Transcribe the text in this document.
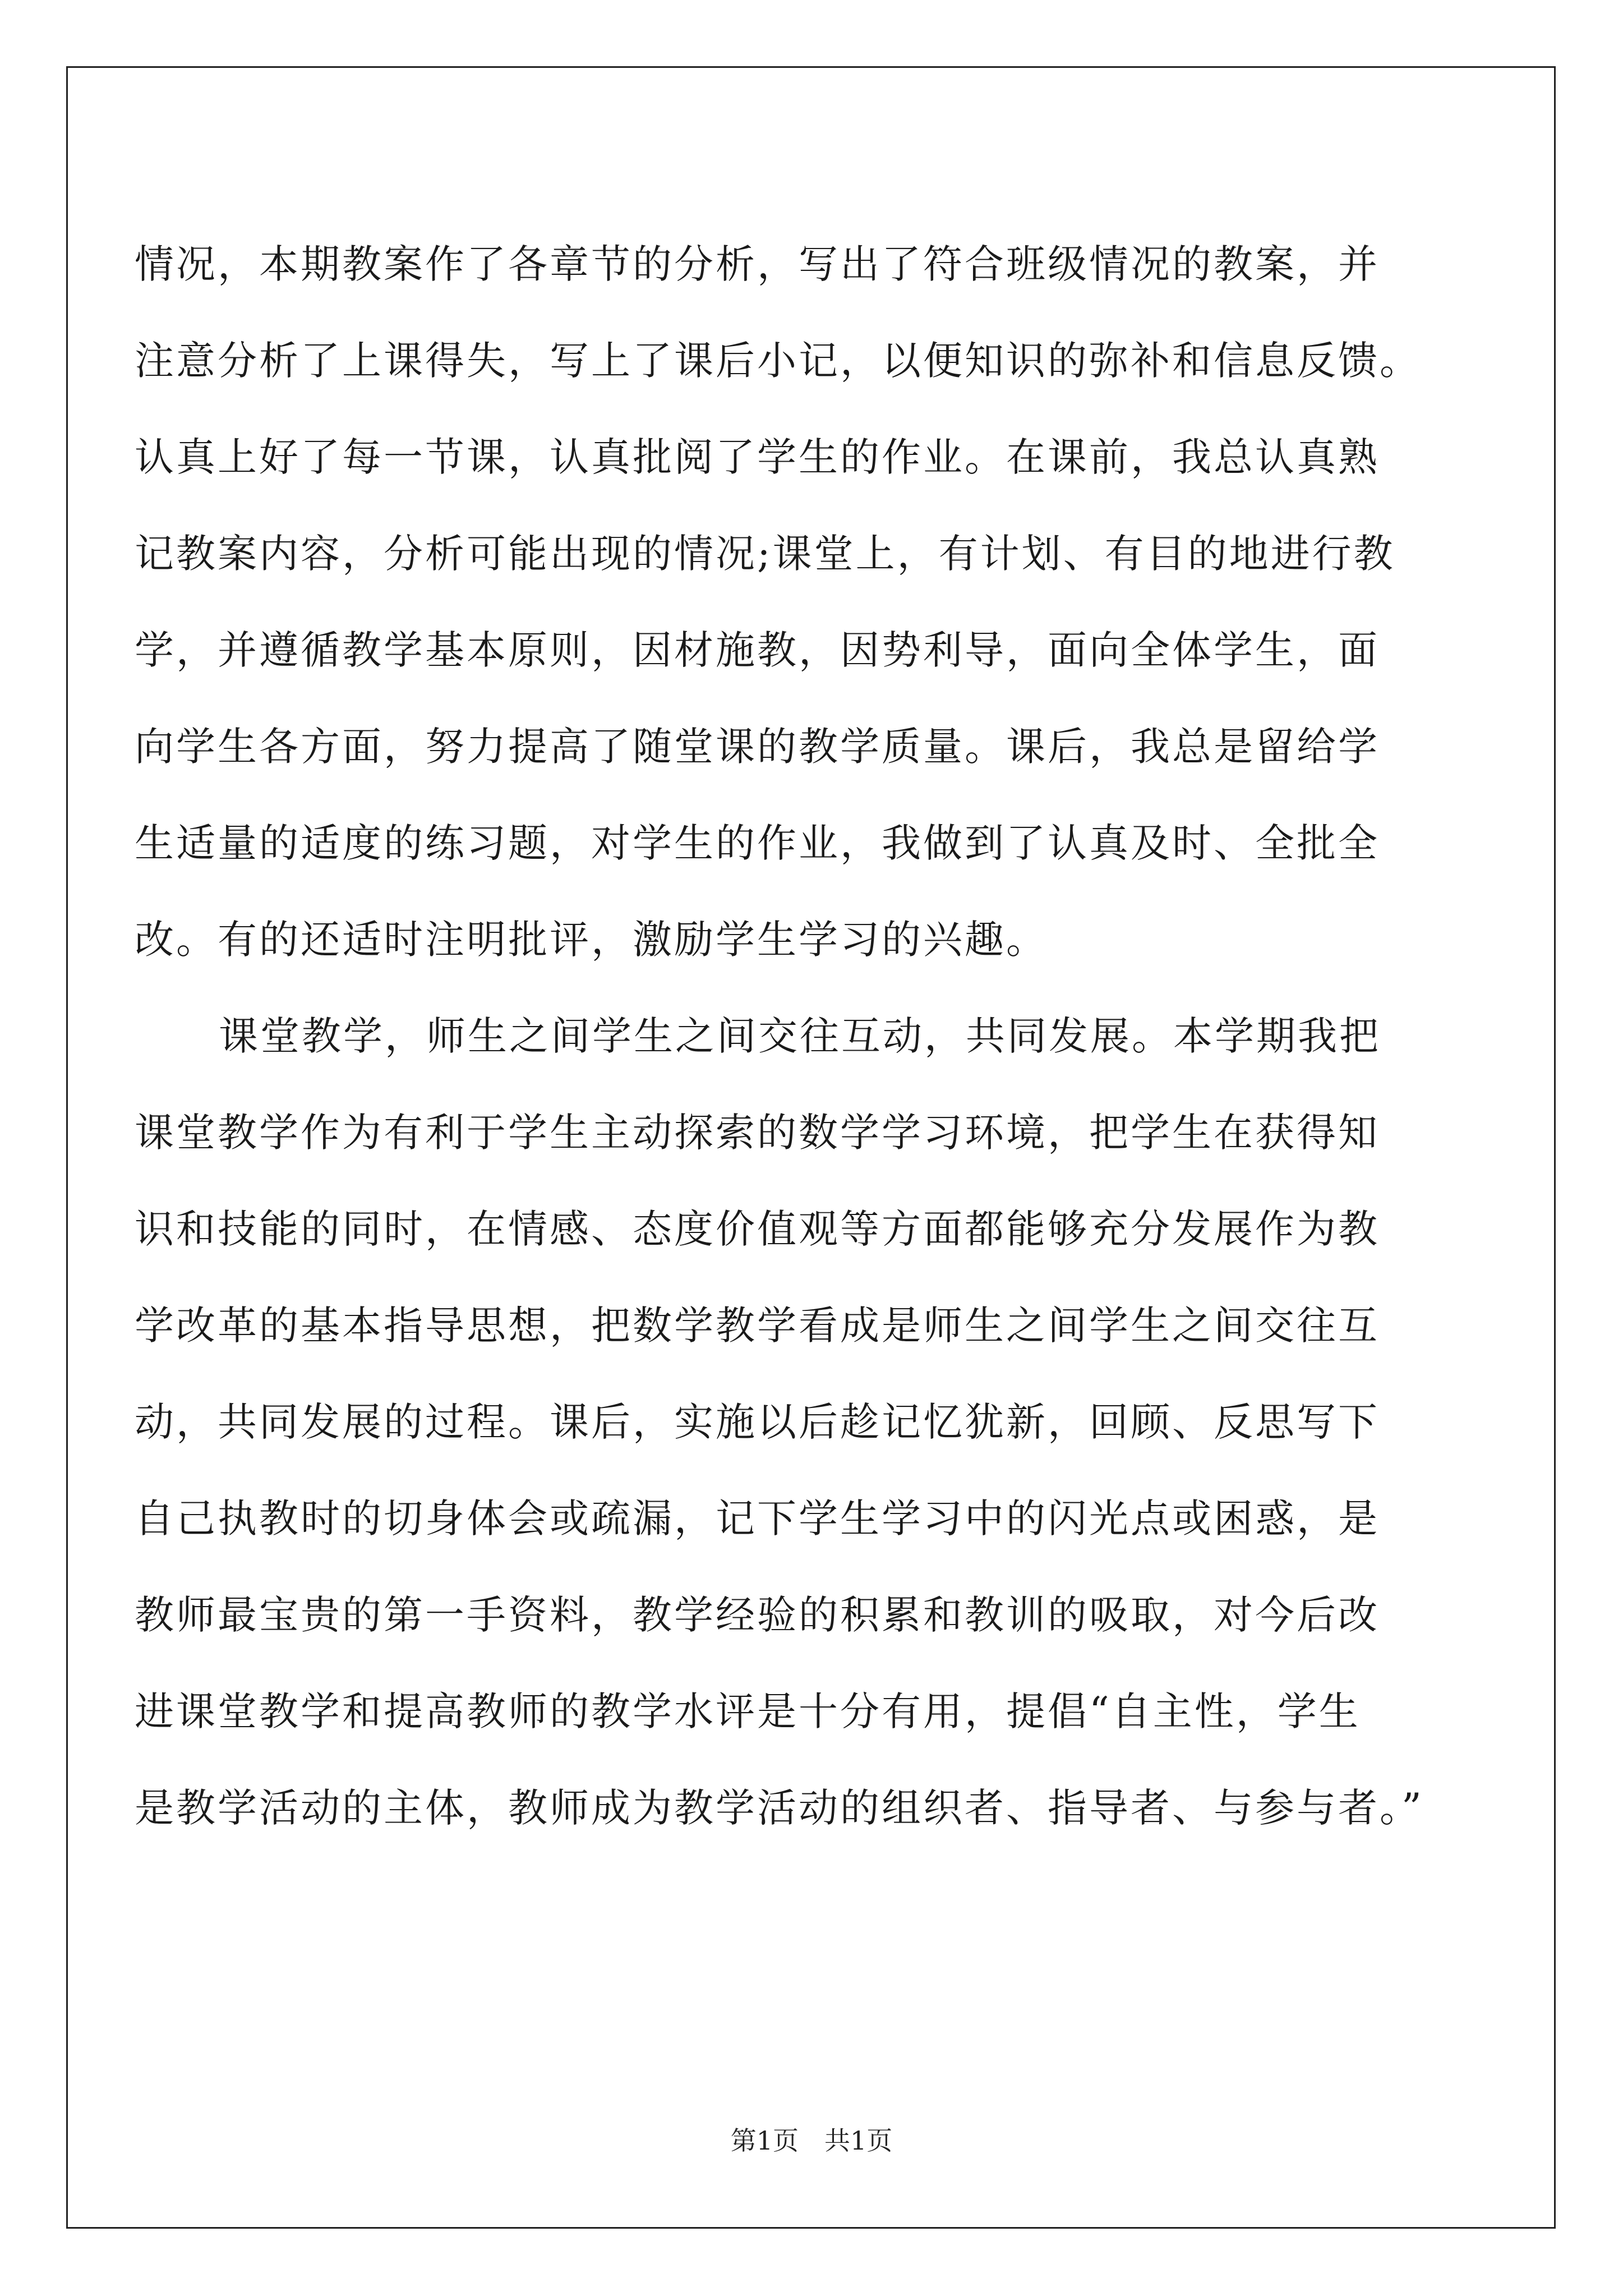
情况，本期教案作了各章节的分析，写出了符合班级情况的教案，并
注意分析了上课得失，写上了课后小记，以便知识的弥补和信息反馈。
认真上好了每一节课，认真批阅了学生的作业。在课前，我总认真熟
记教案内容，分析可能出现的情况;课堂上，有计划、有目的地进行教
学，并遵循教学基本原则，因材施教，因势利导，面向全体学生，面
向学生各方面，努力提高了随堂课的教学质量。课后，我总是留给学
生适量的适度的练习题，对学生的作业，我做到了认真及时、全批全
改。有的还适时注明批评，激励学生学习的兴趣。
课堂教学，师生之间学生之间交往互动，共同发展。本学期我把
课堂教学作为有利于学生主动探索的数学学习环境，把学生在获得知
识和技能的同时，在情感、态度价值观等方面都能够充分发展作为教
学改革的基本指导思想，把数学教学看成是师生之间学生之间交往互
动，共同发展的过程。课后，实施以后趁记忆犹新，回顾、反思写下
自己执教时的切身体会或疏漏，记下学生学习中的闪光点或困惑，是
教师最宝贵的第一手资料，教学经验的积累和教训的吸取，对今后改
进课堂教学和提高教师的教学水评是十分有用，提倡“自主性，学生
是教学活动的主体，教师成为教学活动的组织者、指导者、与参与者。”
第1页　共1页
